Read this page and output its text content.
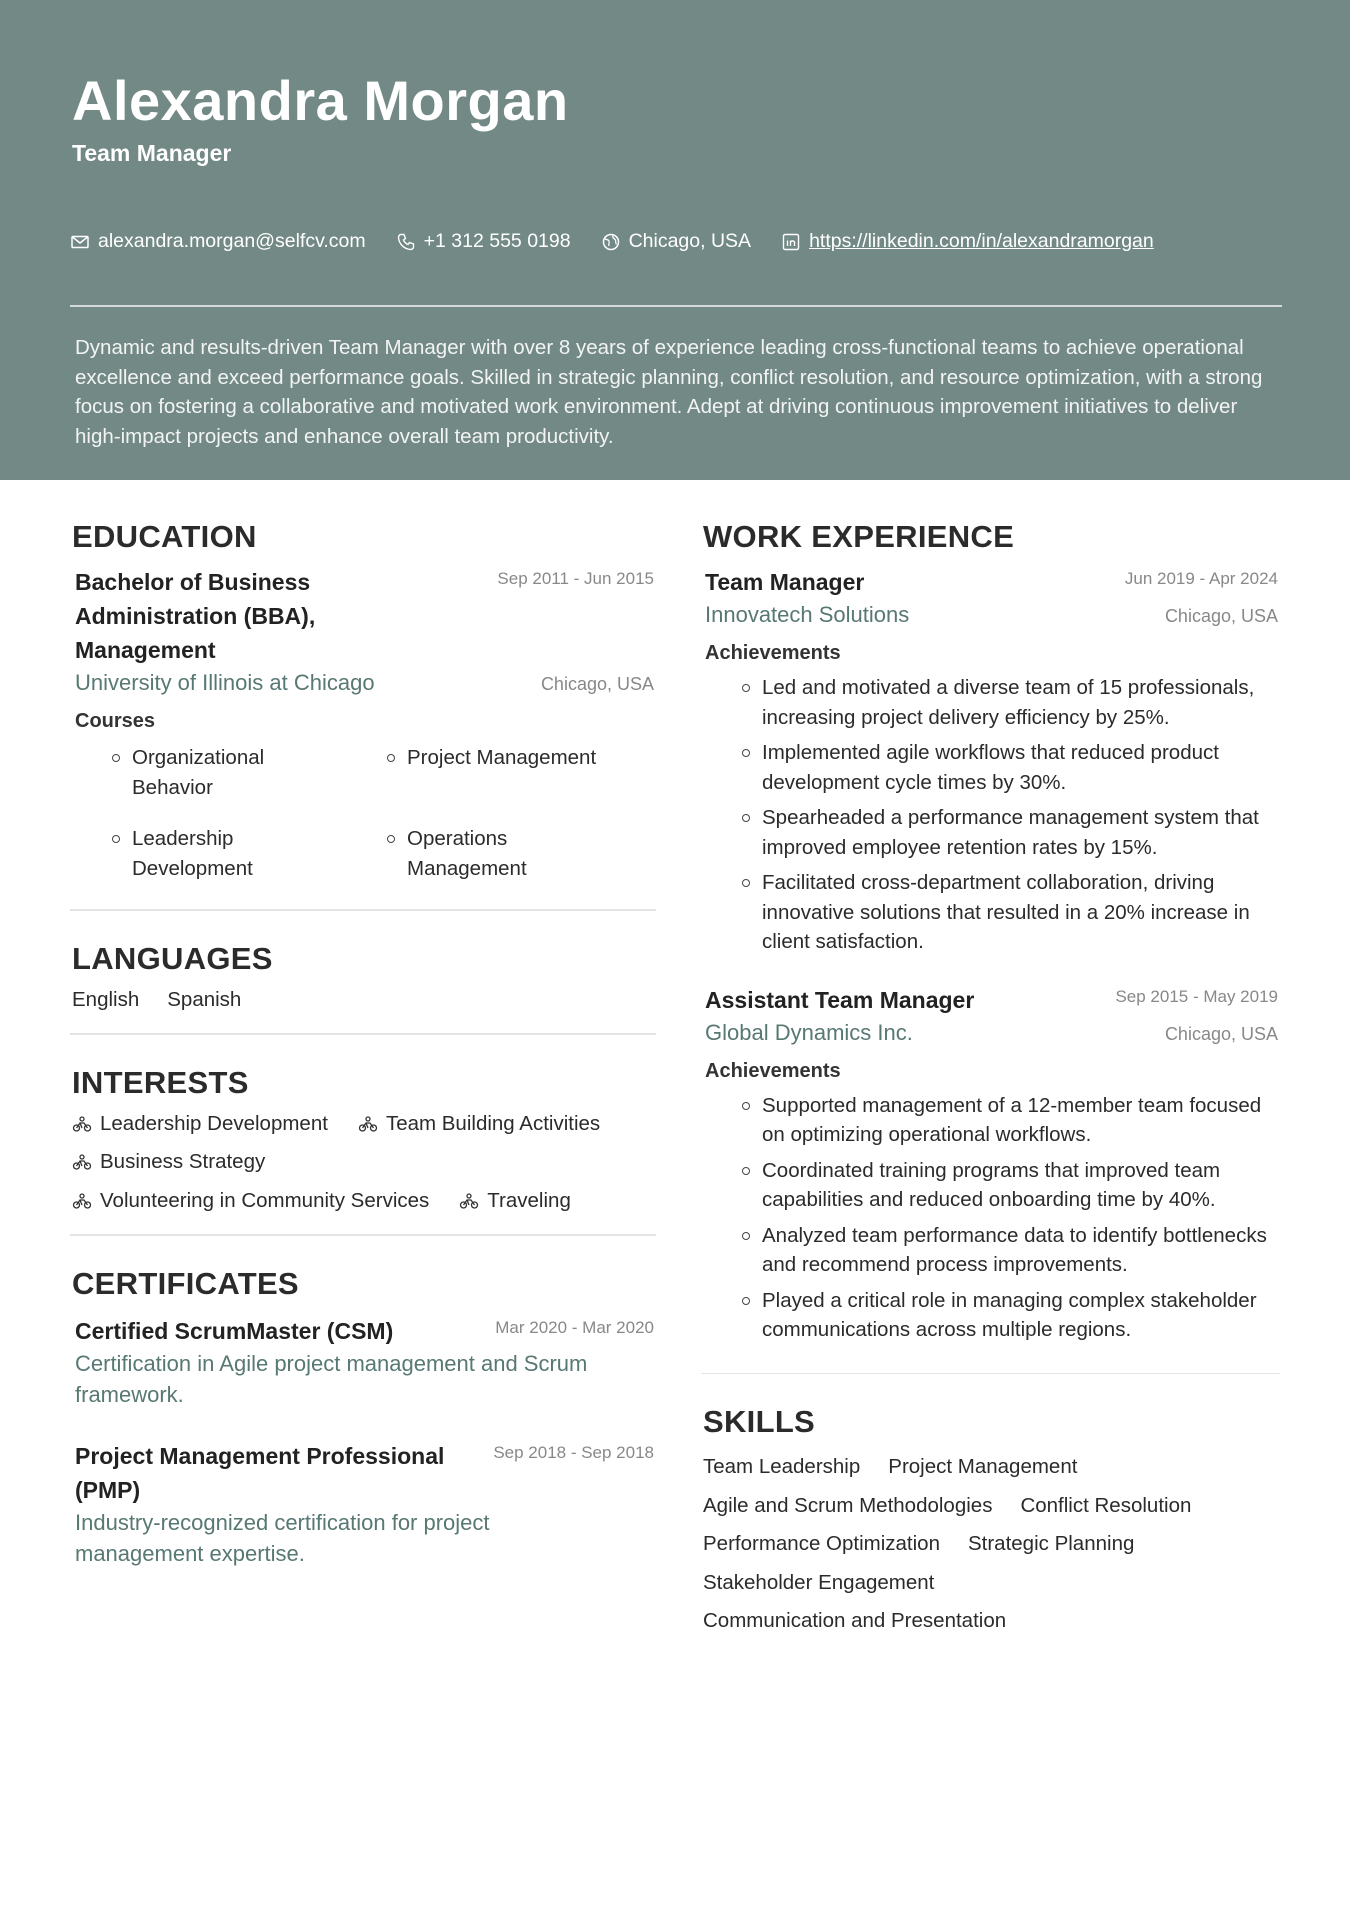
Alexandra Morgan
Team Manager
alexandra.morgan@selfcv.com	+1 312 555 0198	Chicago, USA	https://linkedin.com/in/alexandramorgan
Dynamic and results-driven Team Manager with over 8 years of experience leading cross-functional teams to achieve operational excellence and exceed performance goals. Skilled in strategic planning, conflict resolution, and resource optimization, with a strong focus on fostering a collaborative and motivated work environment. Adept at driving continuous improvement initiatives to deliver high-impact projects and enhance overall team productivity.
EDUCATION
Bachelor of Business Administration (BBA), Management
Sep 2011 - Jun 2015
University of Illinois at Chicago	Chicago, USA
Courses
Organizational Behavior
Project Management
Leadership Development
Operations Management
LANGUAGES
English Spanish
INTERESTS
Leadership Development	Team Building Activities
Business Strategy
Volunteering in Community Services	Traveling
CERTIFICATES
Certified ScrumMaster (CSM)	Mar 2020 - Mar 2020
Certification in Agile project management and Scrum framework.
Project Management Professional (PMP)
Sep 2018 - Sep 2018
Industry-recognized certification for project management expertise.
WORK EXPERIENCE
Team Manager	Jun 2019 - Apr 2024
Innovatech Solutions	Chicago, USA
Achievements
Led and motivated a diverse team of 15 professionals, increasing project delivery efficiency by 25%.
Implemented agile workflows that reduced product development cycle times by 30%.
Spearheaded a performance management system that improved employee retention rates by 15%.
Facilitated cross-department collaboration, driving innovative solutions that resulted in a 20% increase in client satisfaction.
Assistant Team Manager	Sep 2015 - May 2019
Global Dynamics Inc.	Chicago, USA
Achievements
Supported management of a 12-member team focused on optimizing operational workflows.
Coordinated training programs that improved team capabilities and reduced onboarding time by 40%.
Analyzed team performance data to identify bottlenecks and recommend process improvements.
Played a critical role in managing complex stakeholder communications across multiple regions.
SKILLS
Team Leadership Project Management
Agile and Scrum Methodologies Conflict Resolution
Performance Optimization Strategic Planning
Stakeholder Engagement
Communication and Presentation
